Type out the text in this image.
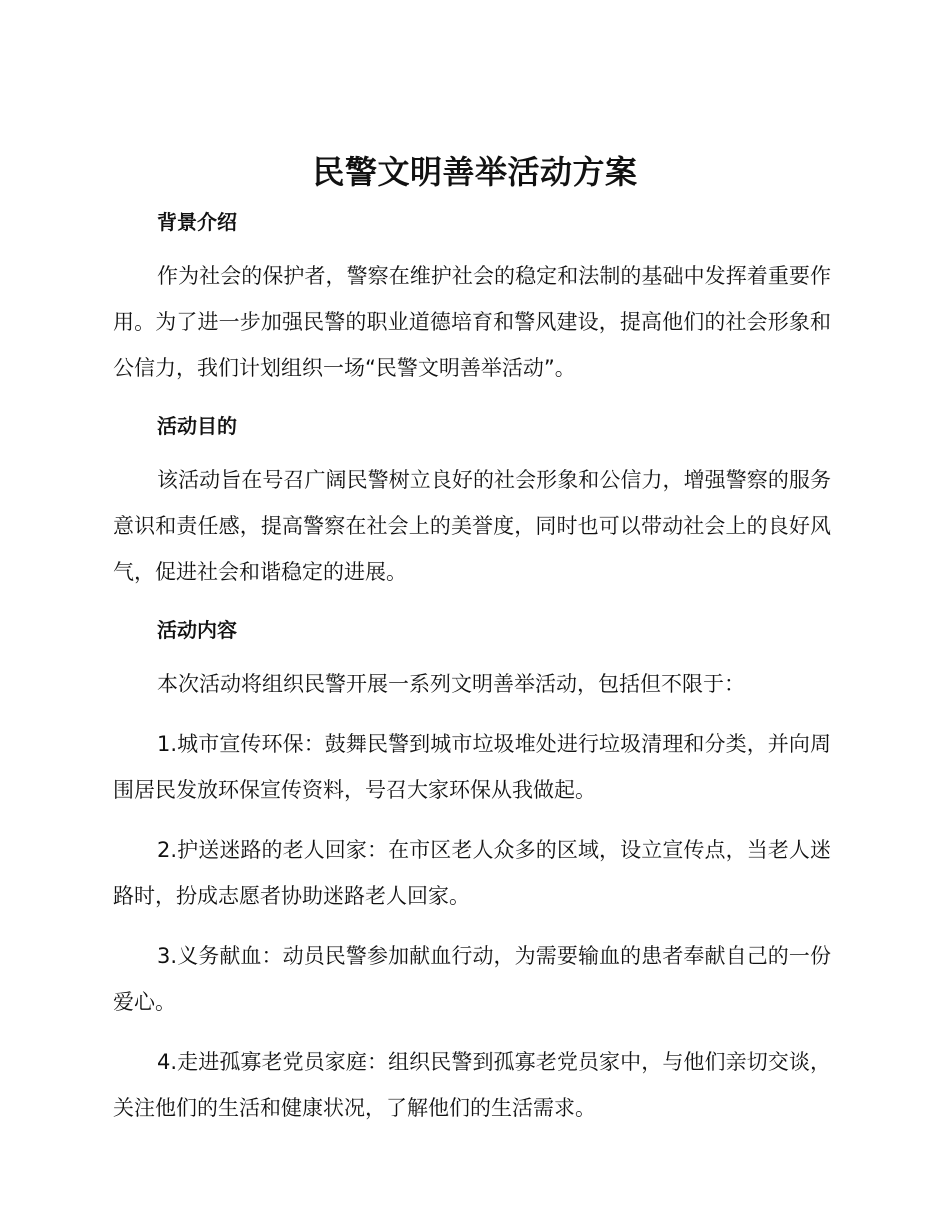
民警文明善举活动方案
背景介绍

作为社会的保护者，警察在维护社会的稳定和法制的基础中发挥着重要作用。为了进一步加强民警的职业道德培育和警风建设，提高他们的社会形象和公信力，我们计划组织一场“民警文明善举活动”。

活动目的

该活动旨在号召广阔民警树立良好的社会形象和公信力，增强警察的服务意识和责任感，提高警察在社会上的美誉度，同时也可以带动社会上的良好风气，促进社会和谐稳定的进展。

活动内容

本次活动将组织民警开展一系列文明善举活动，包括但不限于：

1.城市宣传环保：鼓舞民警到城市垃圾堆处进行垃圾清理和分类，并向周围居民发放环保宣传资料，号召大家环保从我做起。

2.护送迷路的老人回家：在市区老人众多的区域，设立宣传点，当老人迷路时，扮成志愿者协助迷路老人回家。

3.义务献血：动员民警参加献血行动，为需要输血的患者奉献自己的一份爱心。

4.走进孤寡老党员家庭：组织民警到孤寡老党员家中，与他们亲切交谈，关注他们的生活和健康状况，了解他们的生活需求。
